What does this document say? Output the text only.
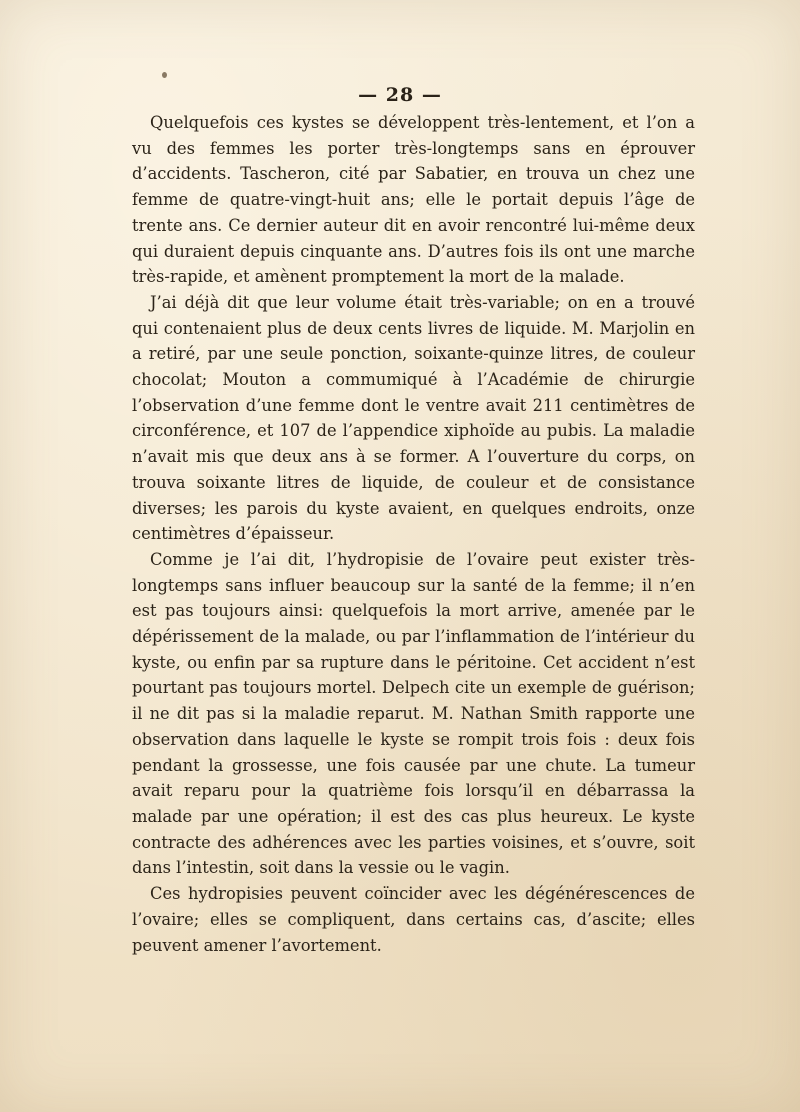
— 28 —

Quelquefois ces kystes se développent très-lentement, et l’on a vu des femmes les porter très-longtemps sans en éprouver d’accidents. Tascheron, cité par Sabatier, en trouva un chez une femme de quatre-vingt-huit ans; elle le portait depuis l’âge de trente ans. Ce dernier auteur dit en avoir rencontré lui-même deux qui duraient depuis cinquante ans. D’autres fois ils ont une marche très-rapide, et amènent promptement la mort de la malade.

J’ai déjà dit que leur volume était très-variable; on en a trouvé qui contenaient plus de deux cents livres de liquide. M. Marjolin en a retiré, par une seule ponction, soixante-quinze litres, de couleur chocolat; Mouton a commumiqué à l’Académie de chirurgie l’observation d’une femme dont le ventre avait 211 centimètres de circonférence, et 107 de l’appendice xiphoïde au pubis. La maladie n’avait mis que deux ans à se former. A l’ouverture du corps, on trouva soixante litres de liquide, de couleur et de consistance diverses; les parois du kyste avaient, en quelques endroits, onze centimètres d’épaisseur.

Comme je l’ai dit, l’hydropisie de l’ovaire peut exister très-longtemps sans influer beaucoup sur la santé de la femme; il n’en est pas toujours ainsi: quelquefois la mort arrive, amenée par le dépérissement de la malade, ou par l’inflammation de l’intérieur du kyste, ou enfin par sa rupture dans le péritoine. Cet accident n’est pourtant pas toujours mortel. Delpech cite un exemple de guérison; il ne dit pas si la maladie reparut. M. Nathan Smith rapporte une observation dans laquelle le kyste se rompit trois fois : deux fois pendant la grossesse, une fois causée par une chute. La tumeur avait reparu pour la quatrième fois lorsqu’il en débarrassa la malade par une opération; il est des cas plus heureux. Le kyste contracte des adhérences avec les parties voisines, et s’ouvre, soit dans l’intestin, soit dans la vessie ou le vagin.

Ces hydropisies peuvent coïncider avec les dégénérescences de l’ovaire; elles se compliquent, dans certains cas, d’ascite; elles peuvent amener l’avortement.
